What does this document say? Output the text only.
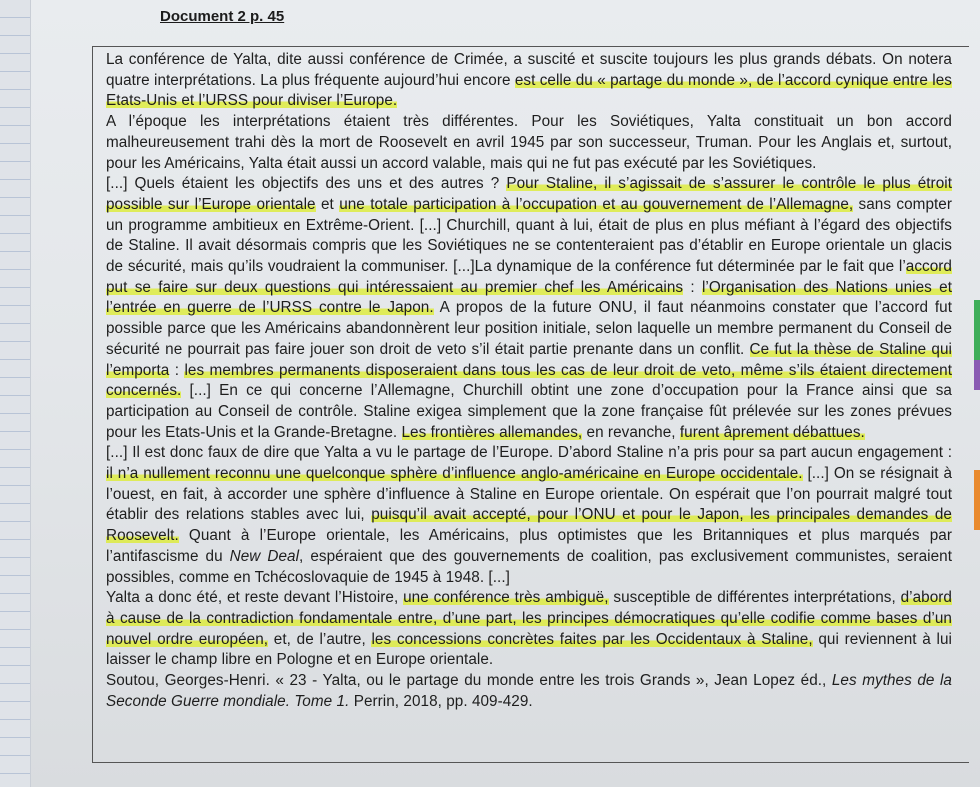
Document 2 p. 45

La conférence de Yalta, dite aussi conférence de Crimée, a suscité et suscite toujours les plus grands débats. On notera quatre interprétations. La plus fréquente aujourd’hui encore est celle du « partage du monde », de l’accord cynique entre les Etats-Unis et l’URSS pour diviser l’Europe.

A l’époque les interprétations étaient très différentes. Pour les Soviétiques, Yalta constituait un bon accord malheureusement trahi dès la mort de Roosevelt en avril 1945 par son successeur, Truman. Pour les Anglais et, surtout, pour les Américains, Yalta était aussi un accord valable, mais qui ne fut pas exécuté par les Soviétiques.

[...] Quels étaient les objectifs des uns et des autres ? Pour Staline, il s’agissait de s’assurer le contrôle le plus étroit possible sur l’Europe orientale et une totale participation à l’occupation et au gouvernement de l’Allemagne, sans compter un programme ambitieux en Extrême-Orient. [...] Churchill, quant à lui, était de plus en plus méfiant à l’égard des objectifs de Staline. Il avait désormais compris que les Soviétiques ne se contenteraient pas d’établir en Europe orientale un glacis de sécurité, mais qu’ils voudraient la communiser. [...]La dynamique de la conférence fut déterminée par le fait que l’accord put se faire sur deux questions qui intéressaient au premier chef les Américains : l’Organisation des Nations unies et l’entrée en guerre de l’URSS contre le Japon. A propos de la future ONU, il faut néanmoins constater que l’accord fut possible parce que les Américains abandonnèrent leur position initiale, selon laquelle un membre permanent du Conseil de sécurité ne pourrait pas faire jouer son droit de veto s’il était partie prenante dans un conflit. Ce fut la thèse de Staline qui l’emporta : les membres permanents disposeraient dans tous les cas de leur droit de veto, même s’ils étaient directement concernés. [...] En ce qui concerne l’Allemagne, Churchill obtint une zone d’occupation pour la France ainsi que sa participation au Conseil de contrôle. Staline exigea simplement que la zone française fût prélevée sur les zones prévues pour les Etats-Unis et la Grande-Bretagne. Les frontières allemandes, en revanche, furent âprement débattues.

[...] Il est donc faux de dire que Yalta a vu le partage de l’Europe. D’abord Staline n’a pris pour sa part aucun engagement : il n’a nullement reconnu une quelconque sphère d’influence anglo-américaine en Europe occidentale. [...] On se résignait à l’ouest, en fait, à accorder une sphère d’influence à Staline en Europe orientale. On espérait que l’on pourrait malgré tout établir des relations stables avec lui, puisqu’il avait accepté, pour l’ONU et pour le Japon, les principales demandes de Roosevelt. Quant à l’Europe orientale, les Américains, plus optimistes que les Britanniques et plus marqués par l’antifascisme du New Deal, espéraient que des gouvernements de coalition, pas exclusivement communistes, seraient possibles, comme en Tchécoslovaquie de 1945 à 1948. [...]

Yalta a donc été, et reste devant l’Histoire, une conférence très ambiguë, susceptible de différentes interprétations, d’abord à cause de la contradiction fondamentale entre, d’une part, les principes démocratiques qu’elle codifie comme bases d’un nouvel ordre européen, et, de l’autre, les concessions concrètes faites par les Occidentaux à Staline, qui reviennent à lui laisser le champ libre en Pologne et en Europe orientale.

Soutou, Georges-Henri. « 23 - Yalta, ou le partage du monde entre les trois Grands », Jean Lopez éd., Les mythes de la Seconde Guerre mondiale. Tome 1. Perrin, 2018, pp. 409-429.
